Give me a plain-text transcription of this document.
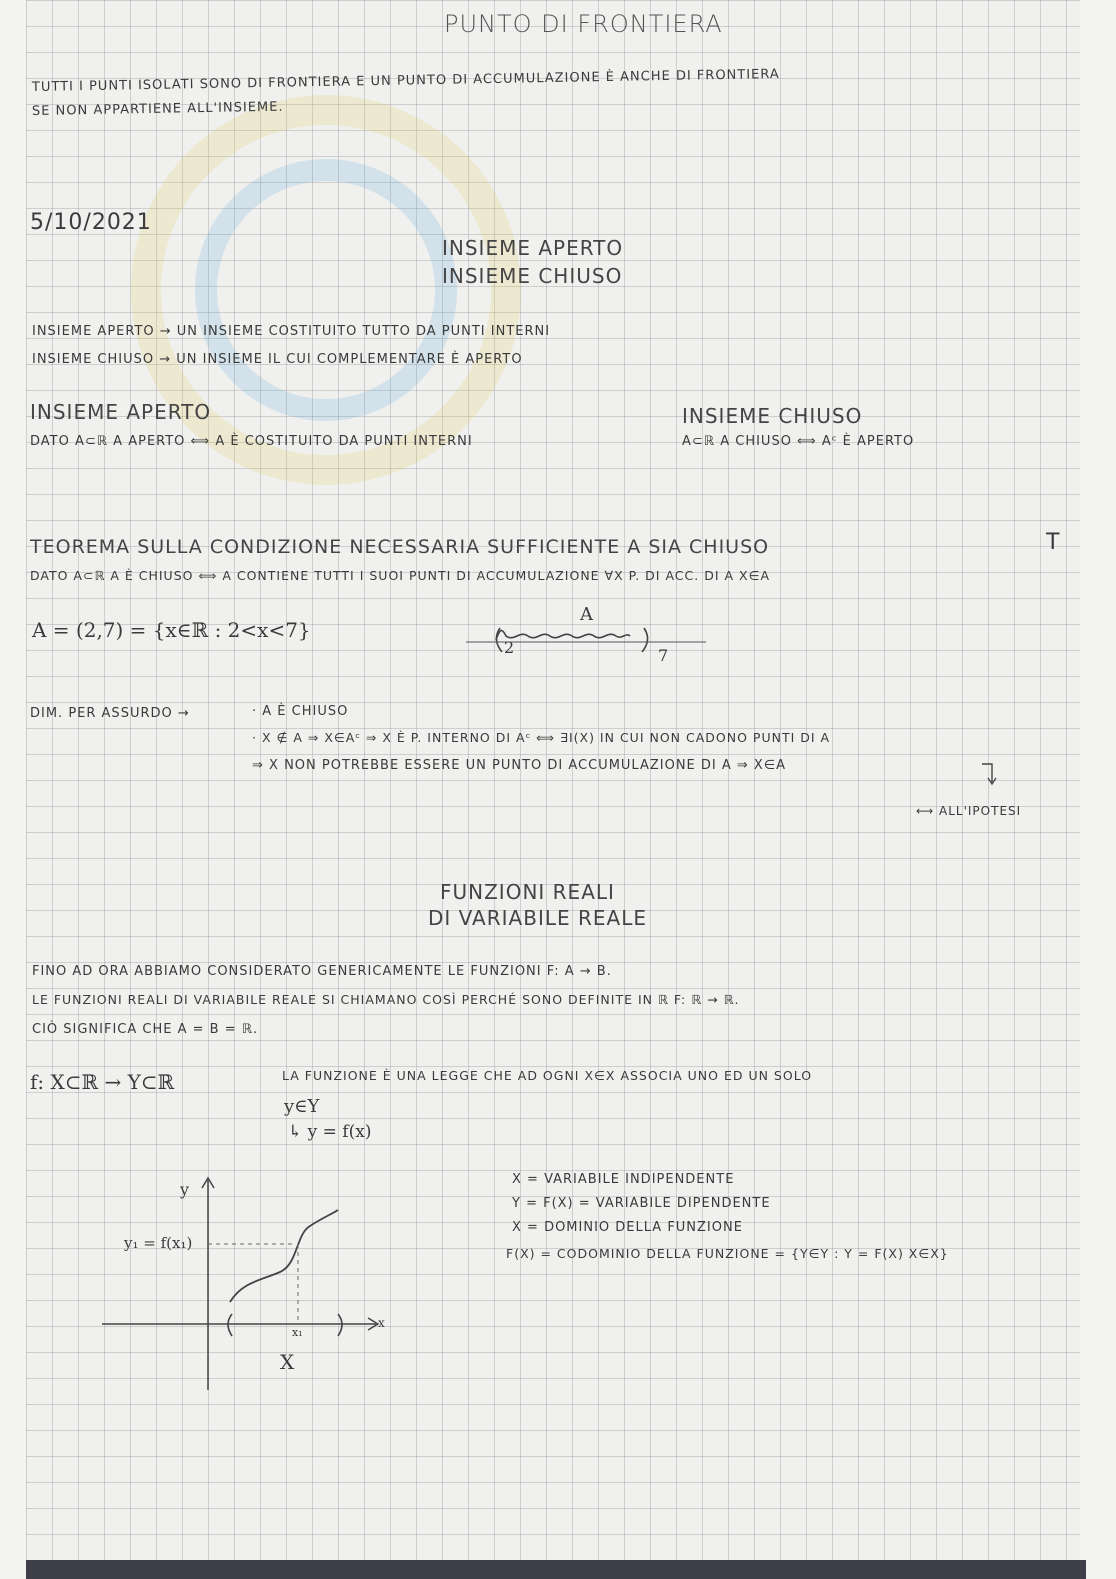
PUNTO DI FRONTIERA
TUTTI I PUNTI ISOLATI SONO DI FRONTIERA E UN PUNTO DI ACCUMULAZIONE È ANCHE DI FRONTIERA
SE NON APPARTIENE ALL'INSIEME.
5/10/2021
INSIEME APERTO
INSIEME CHIUSO
INSIEME APERTO → UN INSIEME COSTITUITO TUTTO DA PUNTI INTERNI
INSIEME CHIUSO → UN INSIEME IL CUI COMPLEMENTARE È APERTO
INSIEME APERTO
DATO A⊂ℝ A APERTO ⟺ A È COSTITUITO DA PUNTI INTERNI
INSIEME CHIUSO
A⊂ℝ A CHIUSO ⟺ Aᶜ È APERTO
TEOREMA SULLA CONDIZIONE NECESSARIA SUFFICIENTE A SIA CHIUSO	T
DATO A⊂ℝ A È CHIUSO ⟺ A CONTIENE TUTTI I SUOI PUNTI DI ACCUMULAZIONE ∀X P. DI ACC. DI A X∈A
A = (2,7) = {x∈ℝ : 2<x<7}
A
2	7
DIM. PER ASSURDO →	· A È CHIUSO
· X ∉ A ⇒ X∈Aᶜ ⇒ X È P. INTERNO DI Aᶜ ⟺ ∃I(X) IN CUI NON CADONO PUNTI DI A
⇒ X NON POTREBBE ESSERE UN PUNTO DI ACCUMULAZIONE DI A ⇒ X∈A
⟷ ALL'IPOTESI
FUNZIONI REALI
DI VARIABILE REALE
FINO AD ORA ABBIAMO CONSIDERATO GENERICAMENTE LE FUNZIONI F: A → B.
LE FUNZIONI REALI DI VARIABILE REALE SI CHIAMANO COSÌ PERCHÉ SONO DEFINITE IN ℝ F: ℝ → ℝ.
CIÒ SIGNIFICA CHE A = B = ℝ.
f: X⊂ℝ → Y⊂ℝ	LA FUNZIONE È UNA LEGGE CHE AD OGNI X∈X ASSOCIA UNO ED UN SOLO
y∈Y
↳ y = f(x)
X = VARIABILE INDIPENDENTE
Y = F(X) = VARIABILE DIPENDENTE
X = DOMINIO DELLA FUNZIONE
F(X) = CODOMINIO DELLA FUNZIONE = {Y∈Y : Y = F(X) X∈X}
y
x
y₁ = f(x₁)
x₁
X
